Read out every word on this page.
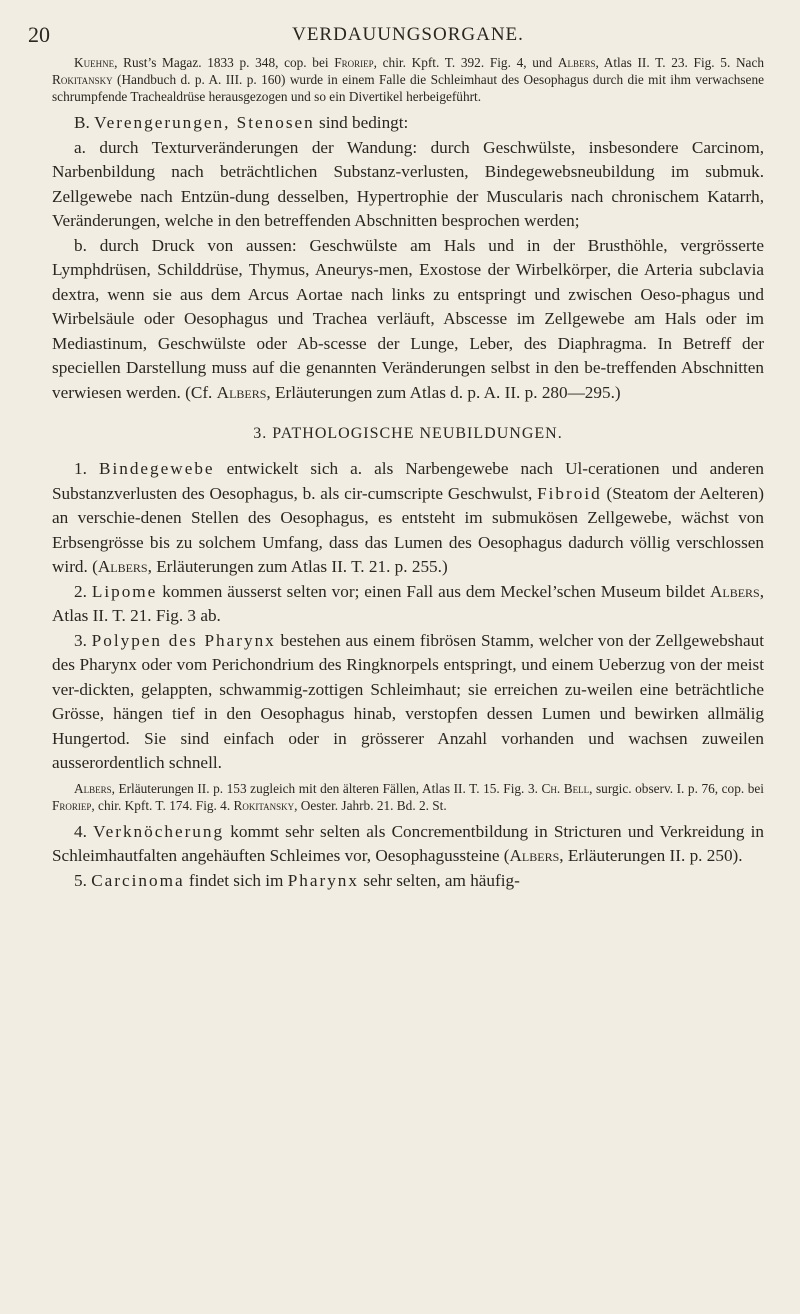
20	VERDAUUNGSORGANE.

Kuehne, Rust’s Magaz. 1833 p. 348, cop. bei Froriep, chir. Kpft. T. 392. Fig. 4, und Albers, Atlas II. T. 23. Fig. 5. Nach Rokitansky (Handbuch d. p. A. III. p. 160) wurde in einem Falle die Schleimhaut des Oesophagus durch die mit ihm verwachsene schrumpfende Trachealdrüse herausgezogen und so ein Divertikel herbeigeführt.

B. Verengerungen, Stenosen sind bedingt:

a. durch Texturveränderungen der Wandung: durch Geschwülste, insbesondere Carcinom, Narbenbildung nach beträchtlichen Substanz-verlusten, Bindegewebsneubildung im submuk. Zellgewebe nach Entzün-dung desselben, Hypertrophie der Muscularis nach chronischem Katarrh, Veränderungen, welche in den betreffenden Abschnitten besprochen werden;

b. durch Druck von aussen: Geschwülste am Hals und in der Brusthöhle, vergrösserte Lymphdrüsen, Schilddrüse, Thymus, Aneurys-men, Exostose der Wirbelkörper, die Arteria subclavia dextra, wenn sie aus dem Arcus Aortae nach links zu entspringt und zwischen Oeso-phagus und Wirbelsäule oder Oesophagus und Trachea verläuft, Abscesse im Zellgewebe am Hals oder im Mediastinum, Geschwülste oder Ab-scesse der Lunge, Leber, des Diaphragma. In Betreff der speciellen Darstellung muss auf die genannten Veränderungen selbst in den be-treffenden Abschnitten verwiesen werden. (Cf. Albers, Erläuterungen zum Atlas d. p. A. II. p. 280—295.)

3. PATHOLOGISCHE NEUBILDUNGEN.

1. Bindegewebe entwickelt sich a. als Narbengewebe nach Ul-cerationen und anderen Substanzverlusten des Oesophagus, b. als cir-cumscripte Geschwulst, Fibroid (Steatom der Aelteren) an verschie-denen Stellen des Oesophagus, es entsteht im submukösen Zellgewebe, wächst von Erbsengrösse bis zu solchem Umfang, dass das Lumen des Oesophagus dadurch völlig verschlossen wird. (Albers, Erläuterungen zum Atlas II. T. 21. p. 255.)

2. Lipome kommen äusserst selten vor; einen Fall aus dem Meckel’schen Museum bildet Albers, Atlas II. T. 21. Fig. 3 ab.

3. Polypen des Pharynx bestehen aus einem fibrösen Stamm, welcher von der Zellgewebshaut des Pharynx oder vom Perichondrium des Ringknorpels entspringt, und einem Ueberzug von der meist ver-dickten, gelappten, schwammig-zottigen Schleimhaut; sie erreichen zu-weilen eine beträchtliche Grösse, hängen tief in den Oesophagus hinab, verstopfen dessen Lumen und bewirken allmälig Hungertod. Sie sind einfach oder in grösserer Anzahl vorhanden und wachsen zuweilen ausserordentlich schnell.

Albers, Erläuterungen II. p. 153 zugleich mit den älteren Fällen, Atlas II. T. 15. Fig. 3. Ch. Bell, surgic. observ. I. p. 76, cop. bei Froriep, chir. Kpft. T. 174. Fig. 4. Rokitansky, Oester. Jahrb. 21. Bd. 2. St.

4. Verknöcherung kommt sehr selten als Concrementbildung in Stricturen und Verkreidung in Schleimhautfalten angehäuften Schleimes vor, Oesophagussteine (Albers, Erläuterungen II. p. 250).

5. Carcinoma findet sich im Pharynx sehr selten, am häufig-
